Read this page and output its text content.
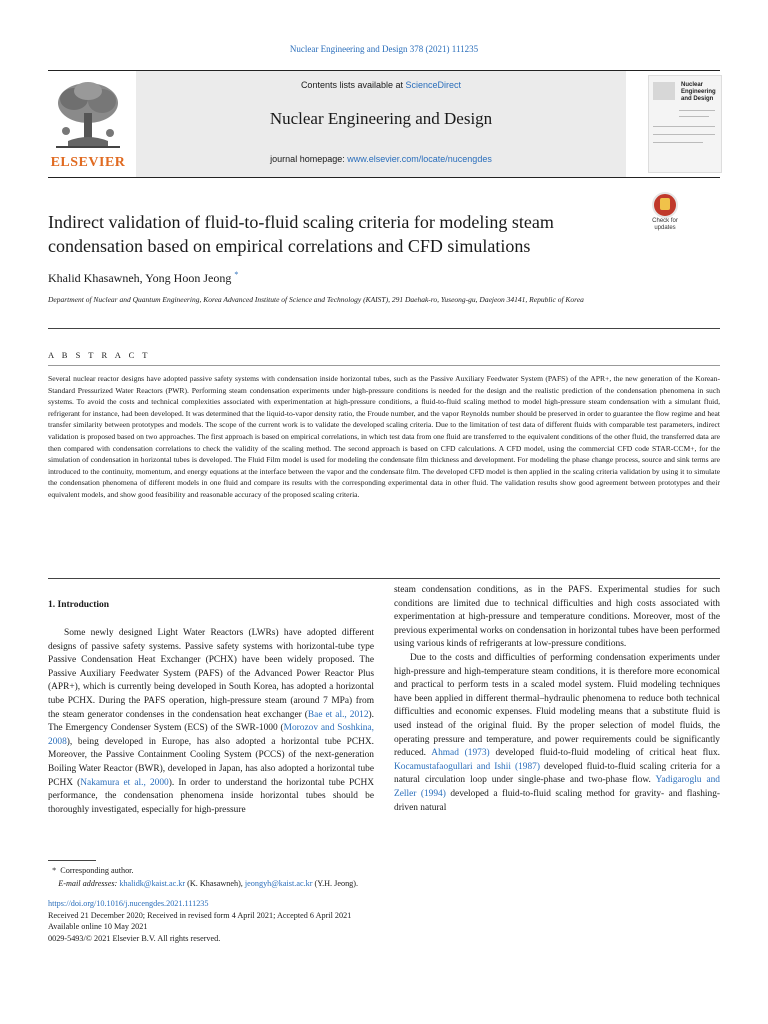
Nuclear Engineering and Design 378 (2021) 111235
ELSEVIER
Contents lists available at ScienceDirect
Nuclear Engineering and Design
journal homepage: www.elsevier.com/locate/nucengdes
Nuclear Engineering and Design
Indirect validation of fluid-to-fluid scaling criteria for modeling steam condensation based on empirical correlations and CFD simulations
Check for updates
Khalid Khasawneh, Yong Hoon Jeong *
Department of Nuclear and Quantum Engineering, Korea Advanced Institute of Science and Technology (KAIST), 291 Daehak-ro, Yuseong-gu, Daejeon 34141, Republic of Korea
A B S T R A C T
Several nuclear reactor designs have adopted passive safety systems with condensation inside horizontal tubes, such as the Passive Auxiliary Feedwater System (PAFS) of the APR+, the new generation of the Korean-Standard Pressurized Water Reactors (PWR). Performing steam condensation experiments under high-pressure conditions is needed for the design and the realistic prediction of the condensation phenomena in such systems. To avoid the costs and technical complexities associated with experimentation at high-pressure conditions, a fluid-to-fluid scaling method to model high-pressure steam condensation with a simulant fluid, refrigerant for instance, had been developed. It was determined that the liquid-to-vapor density ratio, the Froude number, and the vapor Reynolds number should be preserved in order to guarantee the flow regime and heat transfer similarity between prototypes and models. The scope of the current work is to validate the developed scaling criteria. Due to the limitation of test data of different fluids with comparable test parameters, indirect validation is proposed based on two approaches. The first approach is based on empirical correlations, in which test data from one fluid are transferred to the equivalent conditions of the other fluid, the transferred data are then compared with condensation correlations to check the validity of the scaling method. The second approach is based on CFD calculations. A CFD model, using the commercial CFD code STAR-CCM+, for the simulation of condensation in horizontal tubes is developed. The Fluid Film model is used for modeling the condensate film thickness and development. For modeling the phase change process, source and sink terms are introduced to the continuity, momentum, and energy equations at the interface between the vapor and the condensate film. The developed CFD model is then applied in the scaling criteria validation by using it to simulate the condensation phenomena of different models in one fluid and compare its results with the corresponding experimental data in other fluid. The validation results show good agreement between prototypes and their equivalent models, and show good feasibility and reasonable accuracy of the proposed scaling criteria.
1. Introduction

Some newly designed Light Water Reactors (LWRs) have adopted different designs of passive safety systems. Passive safety systems with horizontal-tube type Passive Condensation Heat Exchanger (PCHX) have been widely proposed. The Passive Auxiliary Feedwater System (PAFS) of the Advanced Power Reactor Plus (APR+), which is currently being developed in South Korea, has adopted a horizontal tube PCHX. During the PAFS operation, high-pressure steam (around 7 MPa) from the steam generator condenses in the condensation heat exchanger (Bae et al., 2012). The Emergency Condenser System (ECS) of the SWR-1000 (Morozov and Soshkina, 2008), being developed in Europe, has also adopted a horizontal tube PCHX. Moreover, the Passive Containment Cooling System (PCCS) of the next-generation Boiling Water Reactor (BWR), developed in Japan, has also adopted a horizontal tube PCHX (Nakamura et al., 2000). In order to understand the horizontal tube PCHX performance, the condensation phenomena inside horizontal tubes should be thoroughly investigated, especially for high-pressure

steam condensation conditions, as in the PAFS. Experimental studies for such conditions are limited due to technical difficulties and high costs associated with experimentation at high-pressure and temperature conditions. Moreover, most of the previous experimental works on condensation in horizontal tubes have been performed using various kinds of refrigerants at low-pressure conditions.

Due to the costs and difficulties of performing condensation experiments under high-pressure and high-temperature steam conditions, it is therefore more economical and practical to perform tests in a scaled model system. Fluid modeling techniques have been applied in different thermal–hydraulic phenomena to reduce both technical difficulties and economic expenses. Fluid modeling means that a substitute fluid is used instead of the original fluid. By the proper selection of model fluids, the operating pressure and temperature, and power requirements could be significantly reduced. Ahmad (1973) developed fluid-to-fluid modeling of critical heat flux. Kocamustafaogullari and Ishii (1987) developed fluid-to-fluid scaling criteria for a natural circulation loop under single-phase and two-phase flow. Yadigaroglu and Zeller (1994) developed a fluid-to-fluid scaling method for gravity- and flashing-driven natural

* Corresponding author.
E-mail addresses: khalidk@kaist.ac.kr (K. Khasawneh), jeongyh@kaist.ac.kr (Y.H. Jeong).
https://doi.org/10.1016/j.nucengdes.2021.111235
Received 21 December 2020; Received in revised form 4 April 2021; Accepted 6 April 2021
Available online 10 May 2021
0029-5493/© 2021 Elsevier B.V. All rights reserved.
